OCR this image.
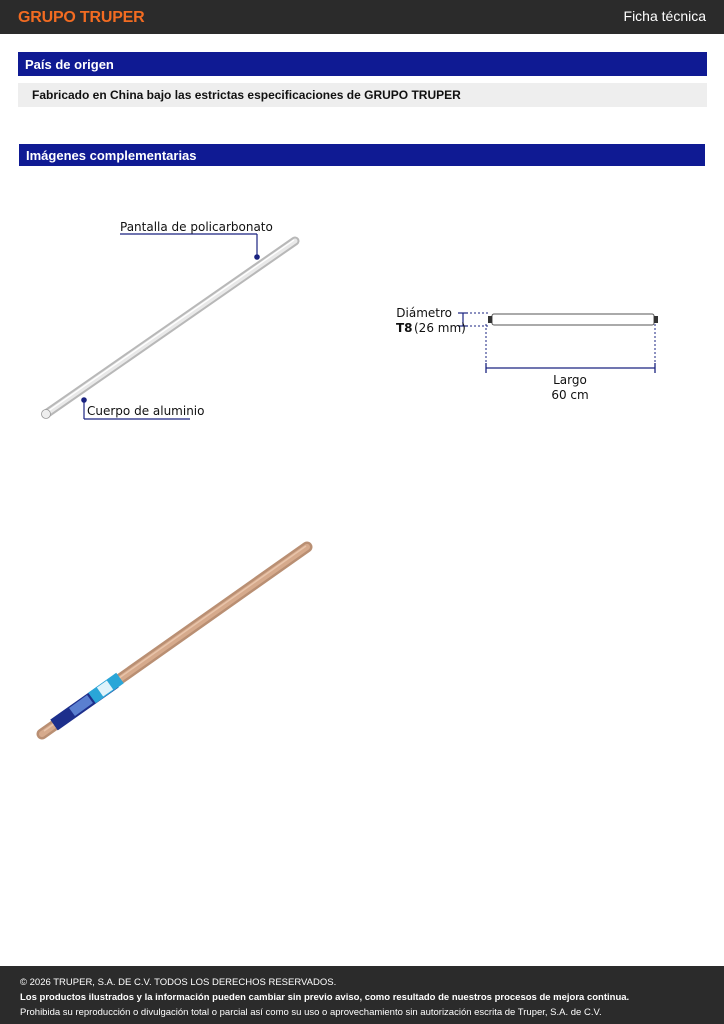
GRUPO TRUPER	Ficha técnica
País de origen
Fabricado en China bajo las estrictas especificaciones de GRUPO TRUPER
Imágenes complementarias
Pantalla de policarbonato
Cuerpo de aluminio
Diámetro
T8 (26 mm)
Largo
60 cm
© 2026 TRUPER, S.A. DE C.V. TODOS LOS DERECHOS RESERVADOS.
Los productos ilustrados y la información pueden cambiar sin previo aviso, como resultado de nuestros procesos de mejora continua.
Prohibida su reproducción o divulgación total o parcial así como su uso o aprovechamiento sin autorización escrita de Truper, S.A. de C.V.
